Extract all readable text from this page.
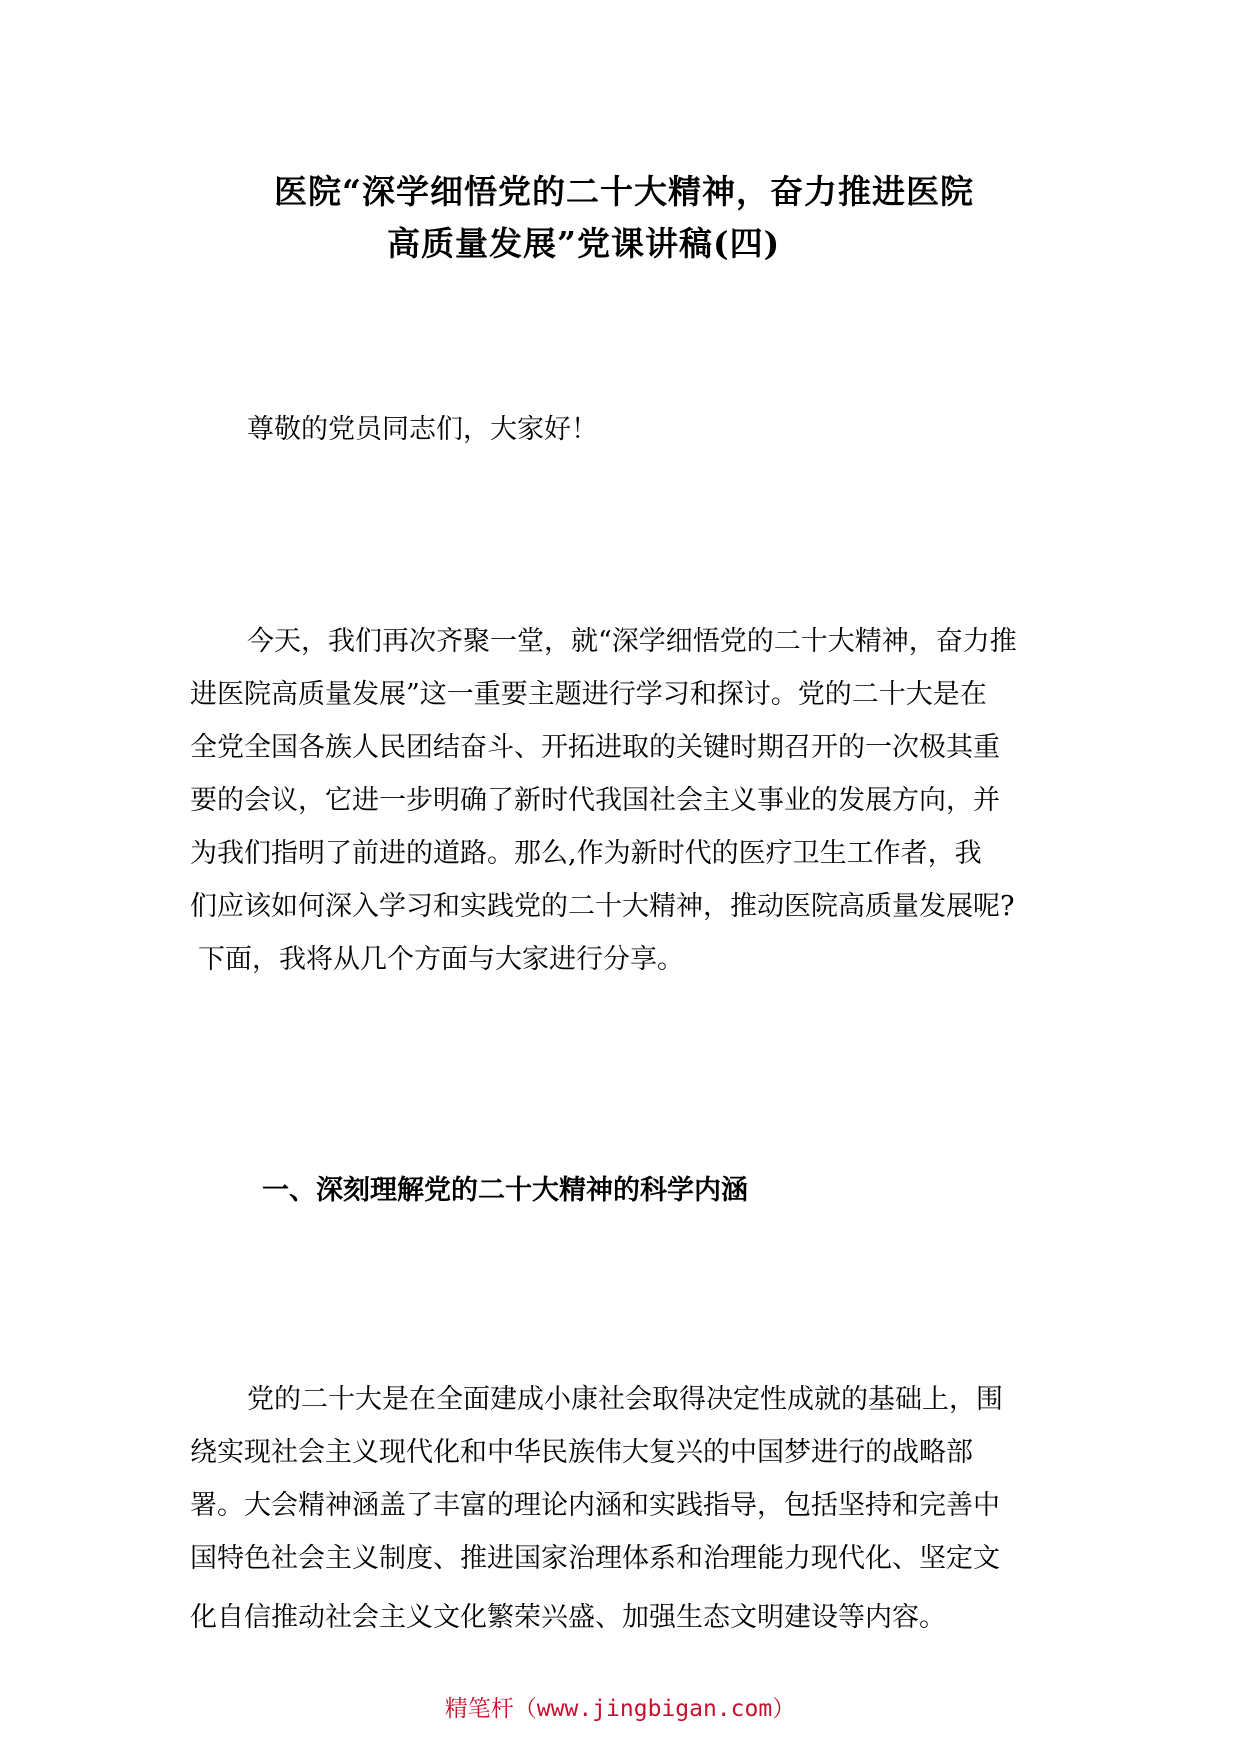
医院“深学细悟党的二十大精神，奋力推进医院
高质量发展”党课讲稿(四)
尊敬的党员同志们，大家好！
今天，我们再次齐聚一堂，就“深学细悟党的二十大精神，奋力推
进医院高质量发展”这一重要主题进行学习和探讨。党的二十大是在
全党全国各族人民团结奋斗、开拓进取的关键时期召开的一次极其重
要的会议，它进一步明确了新时代我国社会主义事业的发展方向，并
为我们指明了前进的道路。那么,作为新时代的医疗卫生工作者，我
们应该如何深入学习和实践党的二十大精神，推动医院高质量发展呢?
下面，我将从几个方面与大家进行分享。
一、深刻理解党的二十大精神的科学内涵
党的二十大是在全面建成小康社会取得决定性成就的基础上，围
绕实现社会主义现代化和中华民族伟大复兴的中国梦进行的战略部
署。大会精神涵盖了丰富的理论内涵和实践指导，包括坚持和完善中
国特色社会主义制度、推进国家治理体系和治理能力现代化、坚定文
化自信推动社会主义文化繁荣兴盛、加强生态文明建设等内容。
精笔杆（www.jingbigan.com）
